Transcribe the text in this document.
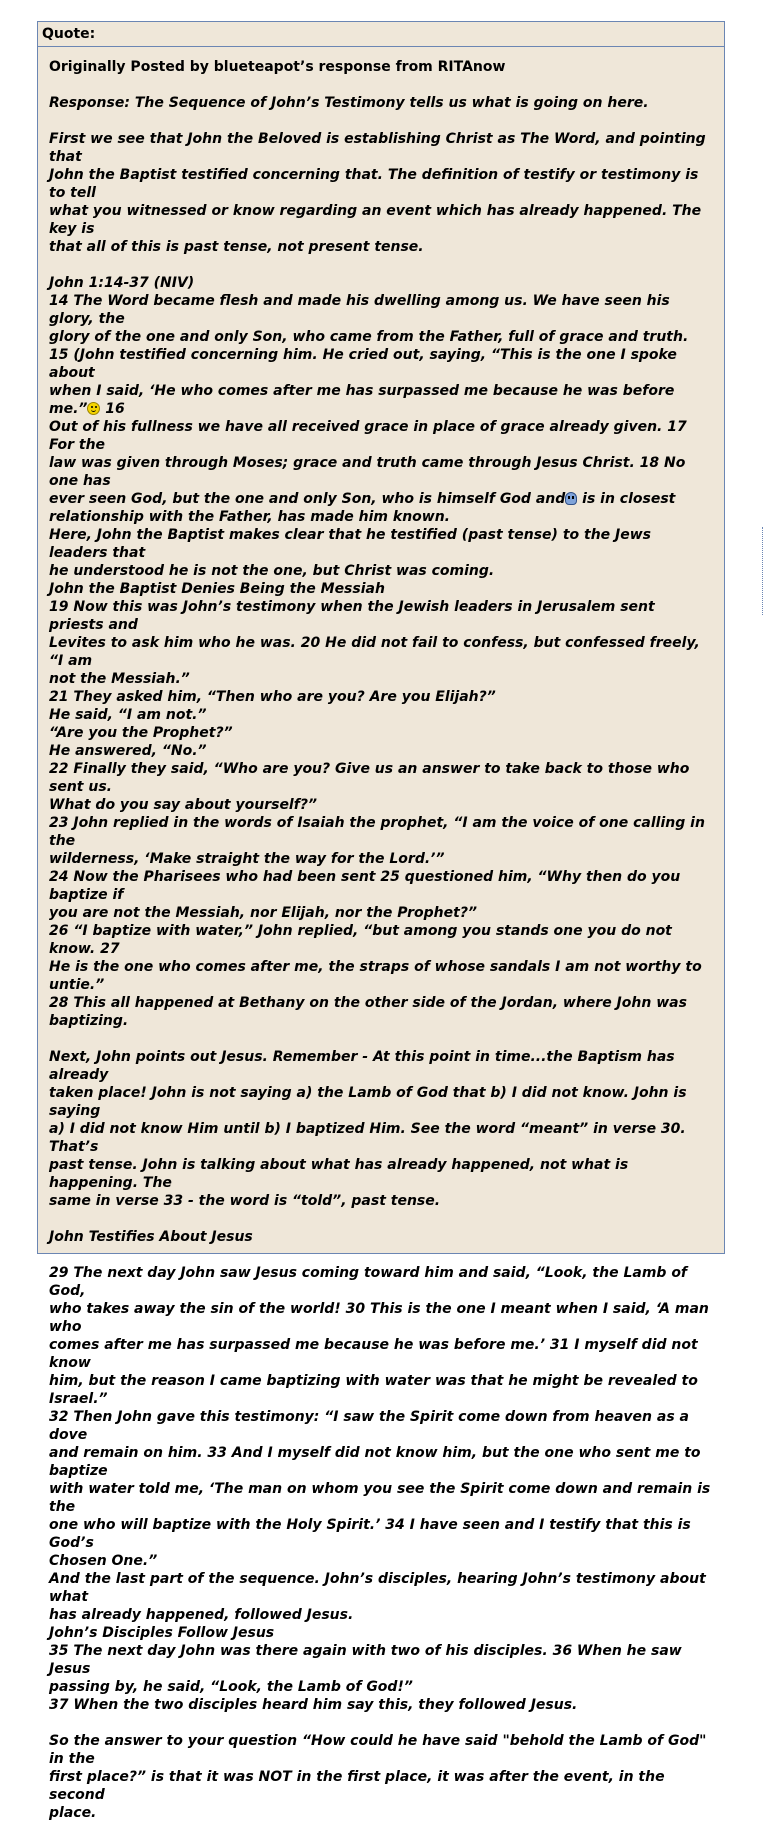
Quote:
Originally Posted by blueteapot’s response from RITAnow
Response: The Sequence of John’s Testimony tells us what is going on here.
First we see that John the Beloved is establishing Christ as The Word, and pointing that
John the Baptist testified concerning that. The definition of testify or testimony is to tell
what you witnessed or know regarding an event which has already happened. The key is
that all of this is past tense, not present tense.
John 1:14-37 (NIV)
14 The Word became flesh and made his dwelling among us. We have seen his glory, the
glory of the one and only Son, who came from the Father, full of grace and truth.
15 (John testified concerning him. He cried out, saying, “This is the one I spoke about
when I said, ‘He who comes after me has surpassed me because he was before me.” 16
Out of his fullness we have all received grace in place of grace already given. 17 For the
law was given through Moses; grace and truth came through Jesus Christ. 18 No one has
ever seen God, but the one and only Son, who is himself God and is in closest
relationship with the Father, has made him known.
Here, John the Baptist makes clear that he testified (past tense) to the Jews leaders that
he understood he is not the one, but Christ was coming.
John the Baptist Denies Being the Messiah
19 Now this was John’s testimony when the Jewish leaders in Jerusalem sent priests and
Levites to ask him who he was. 20 He did not fail to confess, but confessed freely, “I am
not the Messiah.”
21 They asked him, “Then who are you? Are you Elijah?”
He said, “I am not.”
“Are you the Prophet?”
He answered, “No.”
22 Finally they said, “Who are you? Give us an answer to take back to those who sent us.
What do you say about yourself?”
23 John replied in the words of Isaiah the prophet, “I am the voice of one calling in the
wilderness, ‘Make straight the way for the Lord.’”
24 Now the Pharisees who had been sent 25 questioned him, “Why then do you baptize if
you are not the Messiah, nor Elijah, nor the Prophet?”
26 “I baptize with water,” John replied, “but among you stands one you do not know. 27
He is the one who comes after me, the straps of whose sandals I am not worthy to untie.”
28 This all happened at Bethany on the other side of the Jordan, where John was
baptizing.
Next, John points out Jesus. Remember - At this point in time...the Baptism has already
taken place! John is not saying a) the Lamb of God that b) I did not know. John is saying
a) I did not know Him until b) I baptized Him. See the word “meant” in verse 30. That’s
past tense. John is talking about what has already happened, not what is happening. The
same in verse 33 - the word is “told”, past tense.
John Testifies About Jesus
29 The next day John saw Jesus coming toward him and said, “Look, the Lamb of God,
who takes away the sin of the world! 30 This is the one I meant when I said, ‘A man who
comes after me has surpassed me because he was before me.’ 31 I myself did not know
him, but the reason I came baptizing with water was that he might be revealed to Israel.”
32 Then John gave this testimony: “I saw the Spirit come down from heaven as a dove
and remain on him. 33 And I myself did not know him, but the one who sent me to baptize
with water told me, ‘The man on whom you see the Spirit come down and remain is the
one who will baptize with the Holy Spirit.’ 34 I have seen and I testify that this is God’s
Chosen One.”
And the last part of the sequence. John’s disciples, hearing John’s testimony about what
has already happened, followed Jesus.
John’s Disciples Follow Jesus
35 The next day John was there again with two of his disciples. 36 When he saw Jesus
passing by, he said, “Look, the Lamb of God!”
37 When the two disciples heard him say this, they followed Jesus.
So the answer to your question “How could he have said "behold the Lamb of God" in the
first place?” is that it was NOT in the first place, it was after the event, in the second
place.
